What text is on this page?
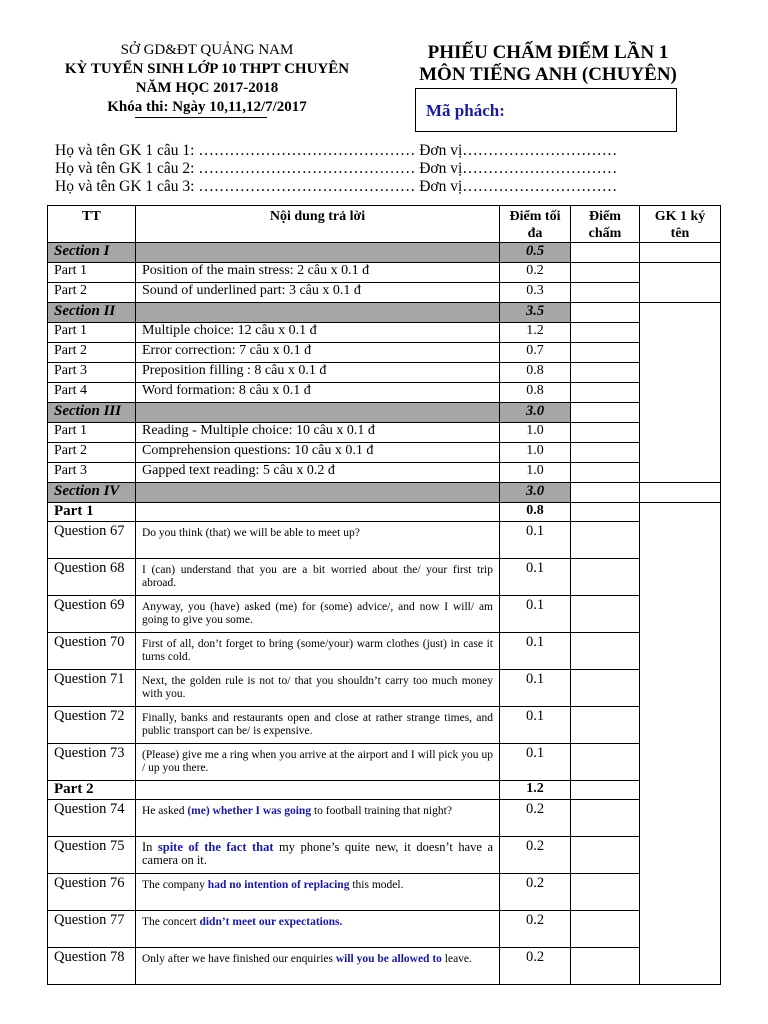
SỞ GD&ĐT QUẢNG NAM
KỲ TUYỂN SINH LỚP 10 THPT CHUYÊN
NĂM HỌC 2017-2018
Khóa thi: Ngày 10,11,12/7/2017
PHIẾU CHẤM ĐIỂM LẦN 1
MÔN TIẾNG ANH (CHUYÊN)
Mã phách:
Họ và tên GK 1 câu 1: …………………………………… Đơn vị…………………………
Họ và tên GK 1 câu 2: …………………………………… Đơn vị…………………………
Họ và tên GK 1 câu 3: …………………………………… Đơn vị…………………………
TT	Nội dung trả lời	Điểm tối đa	Điểm chấm	GK 1 ký tên
Section I		0.5		
Part 1	Position of the main stress: 2 câu x 0.1 đ	0.2		
Part 2	Sound of underlined part: 3 câu x 0.1 đ	0.3		
Section II		3.5		
Part 1	Multiple choice: 12 câu x 0.1 đ	1.2		
Part 2	Error correction: 7 câu x 0.1 đ	0.7		
Part 3	Preposition filling : 8 câu x 0.1 đ	0.8		
Part 4	Word formation: 8 câu x 0.1 đ	0.8		
Section III		3.0		
Part 1	Reading - Multiple choice: 10 câu x 0.1 đ	1.0		
Part 2	Comprehension questions: 10 câu x 0.1 đ	1.0		
Part 3	Gapped text reading: 5 câu x 0.2 đ	1.0		
Section IV		3.0		
Part 1		0.8		
Question 67	Do you think (that) we will be able to meet up?	0.1		
Question 68	I (can) understand that you are a bit worried about the/ your first trip abroad.	0.1		
Question 69	Anyway, you (have) asked (me) for (some) advice/, and now I will/ am going to give you some.	0.1		
Question 70	First of all, don’t forget to bring (some/your) warm clothes (just) in case it turns cold.	0.1		
Question 71	Next, the golden rule is not to/ that you shouldn’t carry too much money with you.	0.1		
Question 72	Finally, banks and restaurants open and close at rather strange times, and public transport can be/ is expensive.	0.1		
Question 73	(Please) give me a ring when you arrive at the airport and I will pick you up / up you there.	0.1		
Part 2		1.2		
Question 74	He asked (me) whether I was going to football training that night?	0.2		
Question 75	In spite of the fact that my phone’s quite new, it doesn’t have a camera on it.	0.2		
Question 76	The company had no intention of replacing this model.	0.2		
Question 77	The concert didn’t meet our expectations.	0.2		
Question 78	Only after we have finished our enquiries will you be allowed to leave.	0.2		
